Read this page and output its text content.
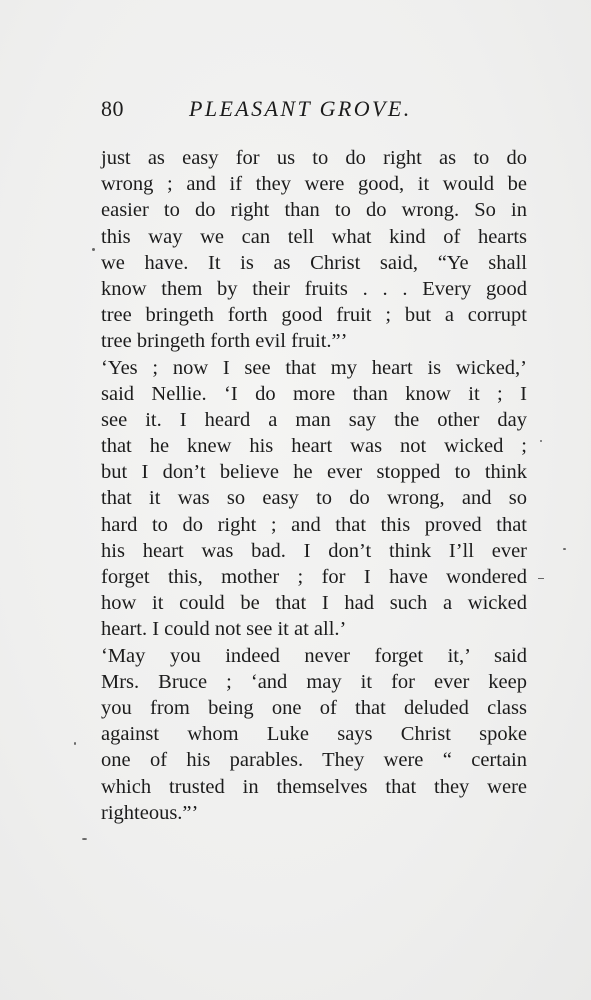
80	PLEASANT GROVE.
just as easy for us to do right as to do
wrong ; and if they were good, it would be
easier to do right than to do wrong. So in
this way we can tell what kind of hearts
we have. It is as Christ said, “Ye shall
know them by their fruits . . . Every good
tree bringeth forth good fruit ; but a corrupt
tree bringeth forth evil fruit.”’
‘Yes ; now I see that my heart is wicked,’
said Nellie. ‘I do more than know it ; I
see it. I heard a man say the other day
that he knew his heart was not wicked ;
but I don’t believe he ever stopped to think
that it was so easy to do wrong, and so
hard to do right ; and that this proved that
his heart was bad. I don’t think I’ll ever
forget this, mother ; for I have wondered
how it could be that I had such a wicked
heart. I could not see it at all.’
‘May you indeed never forget it,’ said
Mrs. Bruce ; ‘and may it for ever keep
you from being one of that deluded class
against whom Luke says Christ spoke
one of his parables. They were “ certain
which trusted in themselves that they were
righteous.”’
